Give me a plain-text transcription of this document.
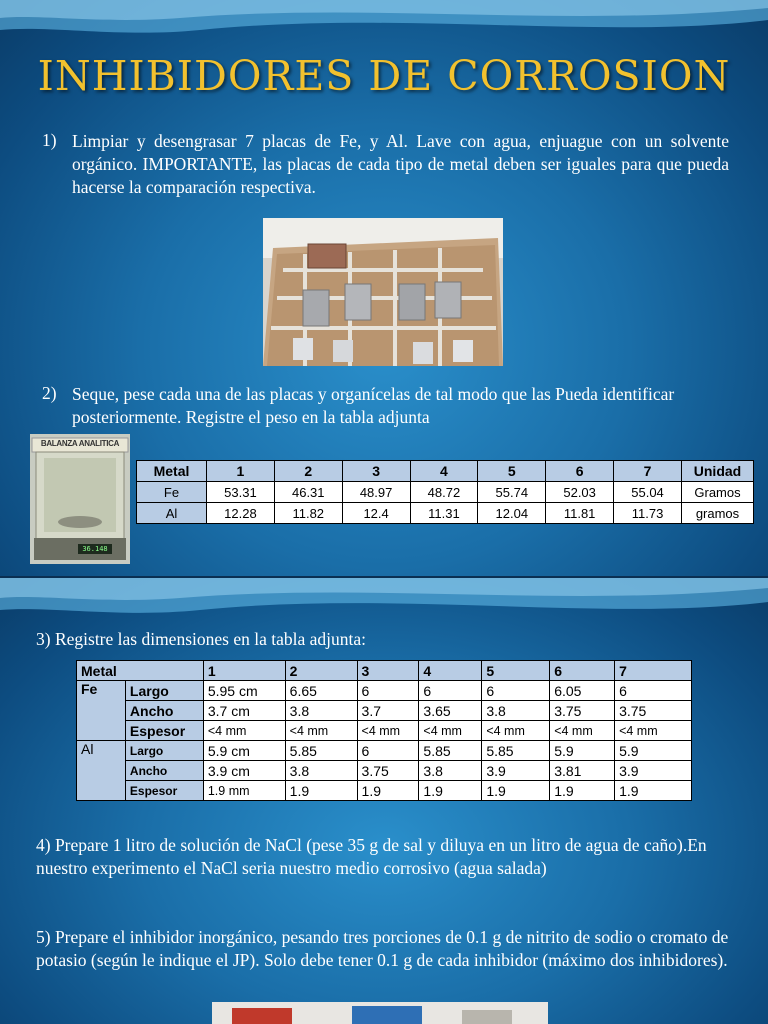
INHIBIDORES DE CORROSION
1) Limpiar y desengrasar 7 placas de Fe, y Al. Lave con agua, enjuague con un solvente orgánico. IMPORTANTE, las placas de cada tipo de metal deben ser iguales para que pueda hacerse la comparación respectiva.

2) Seque, pese cada una de las placas y organícelas de tal modo que las Pueda identificar posteriormente. Registre el peso en la tabla adjunta

BALANZA ANALITICA
36.148
Metal	1	2	3	4	5	6	7	Unidad
Fe	53.31	46.31	48.97	48.72	55.74	52.03	55.04	Gramos
Al	12.28	11.82	12.4	11.31	12.04	11.81	11.73	gramos

3) Registre las dimensiones en la tabla adjunta:

Metal		1	2	3	4	5	6	7
Fe	Largo	5.95 cm	6.65	6	6	6	6.05	6
	Ancho	3.7 cm	3.8	3.7	3.65	3.8	3.75	3.75
	Espesor	<4 mm	<4 mm	<4 mm	<4 mm	<4 mm	<4 mm	<4 mm
Al	Largo	5.9 cm	5.85	6	5.85	5.85	5.9	5.9
	Ancho	3.9 cm	3.8	3.75	3.8	3.9	3.81	3.9
	Espesor	1.9 mm	1.9	1.9	1.9	1.9	1.9	1.9

4) Prepare 1 litro de solución de NaCl (pese 35 g de sal y diluya en un litro de agua de caño).En nuestro experimento el NaCl seria nuestro medio corrosivo (agua salada)

5) Prepare el inhibidor inorgánico, pesando tres porciones de 0.1 g de nitrito de sodio o cromato de potasio (según le indique el JP). Solo debe tener 0.1 g de cada inhibidor (máximo dos inhibidores).
